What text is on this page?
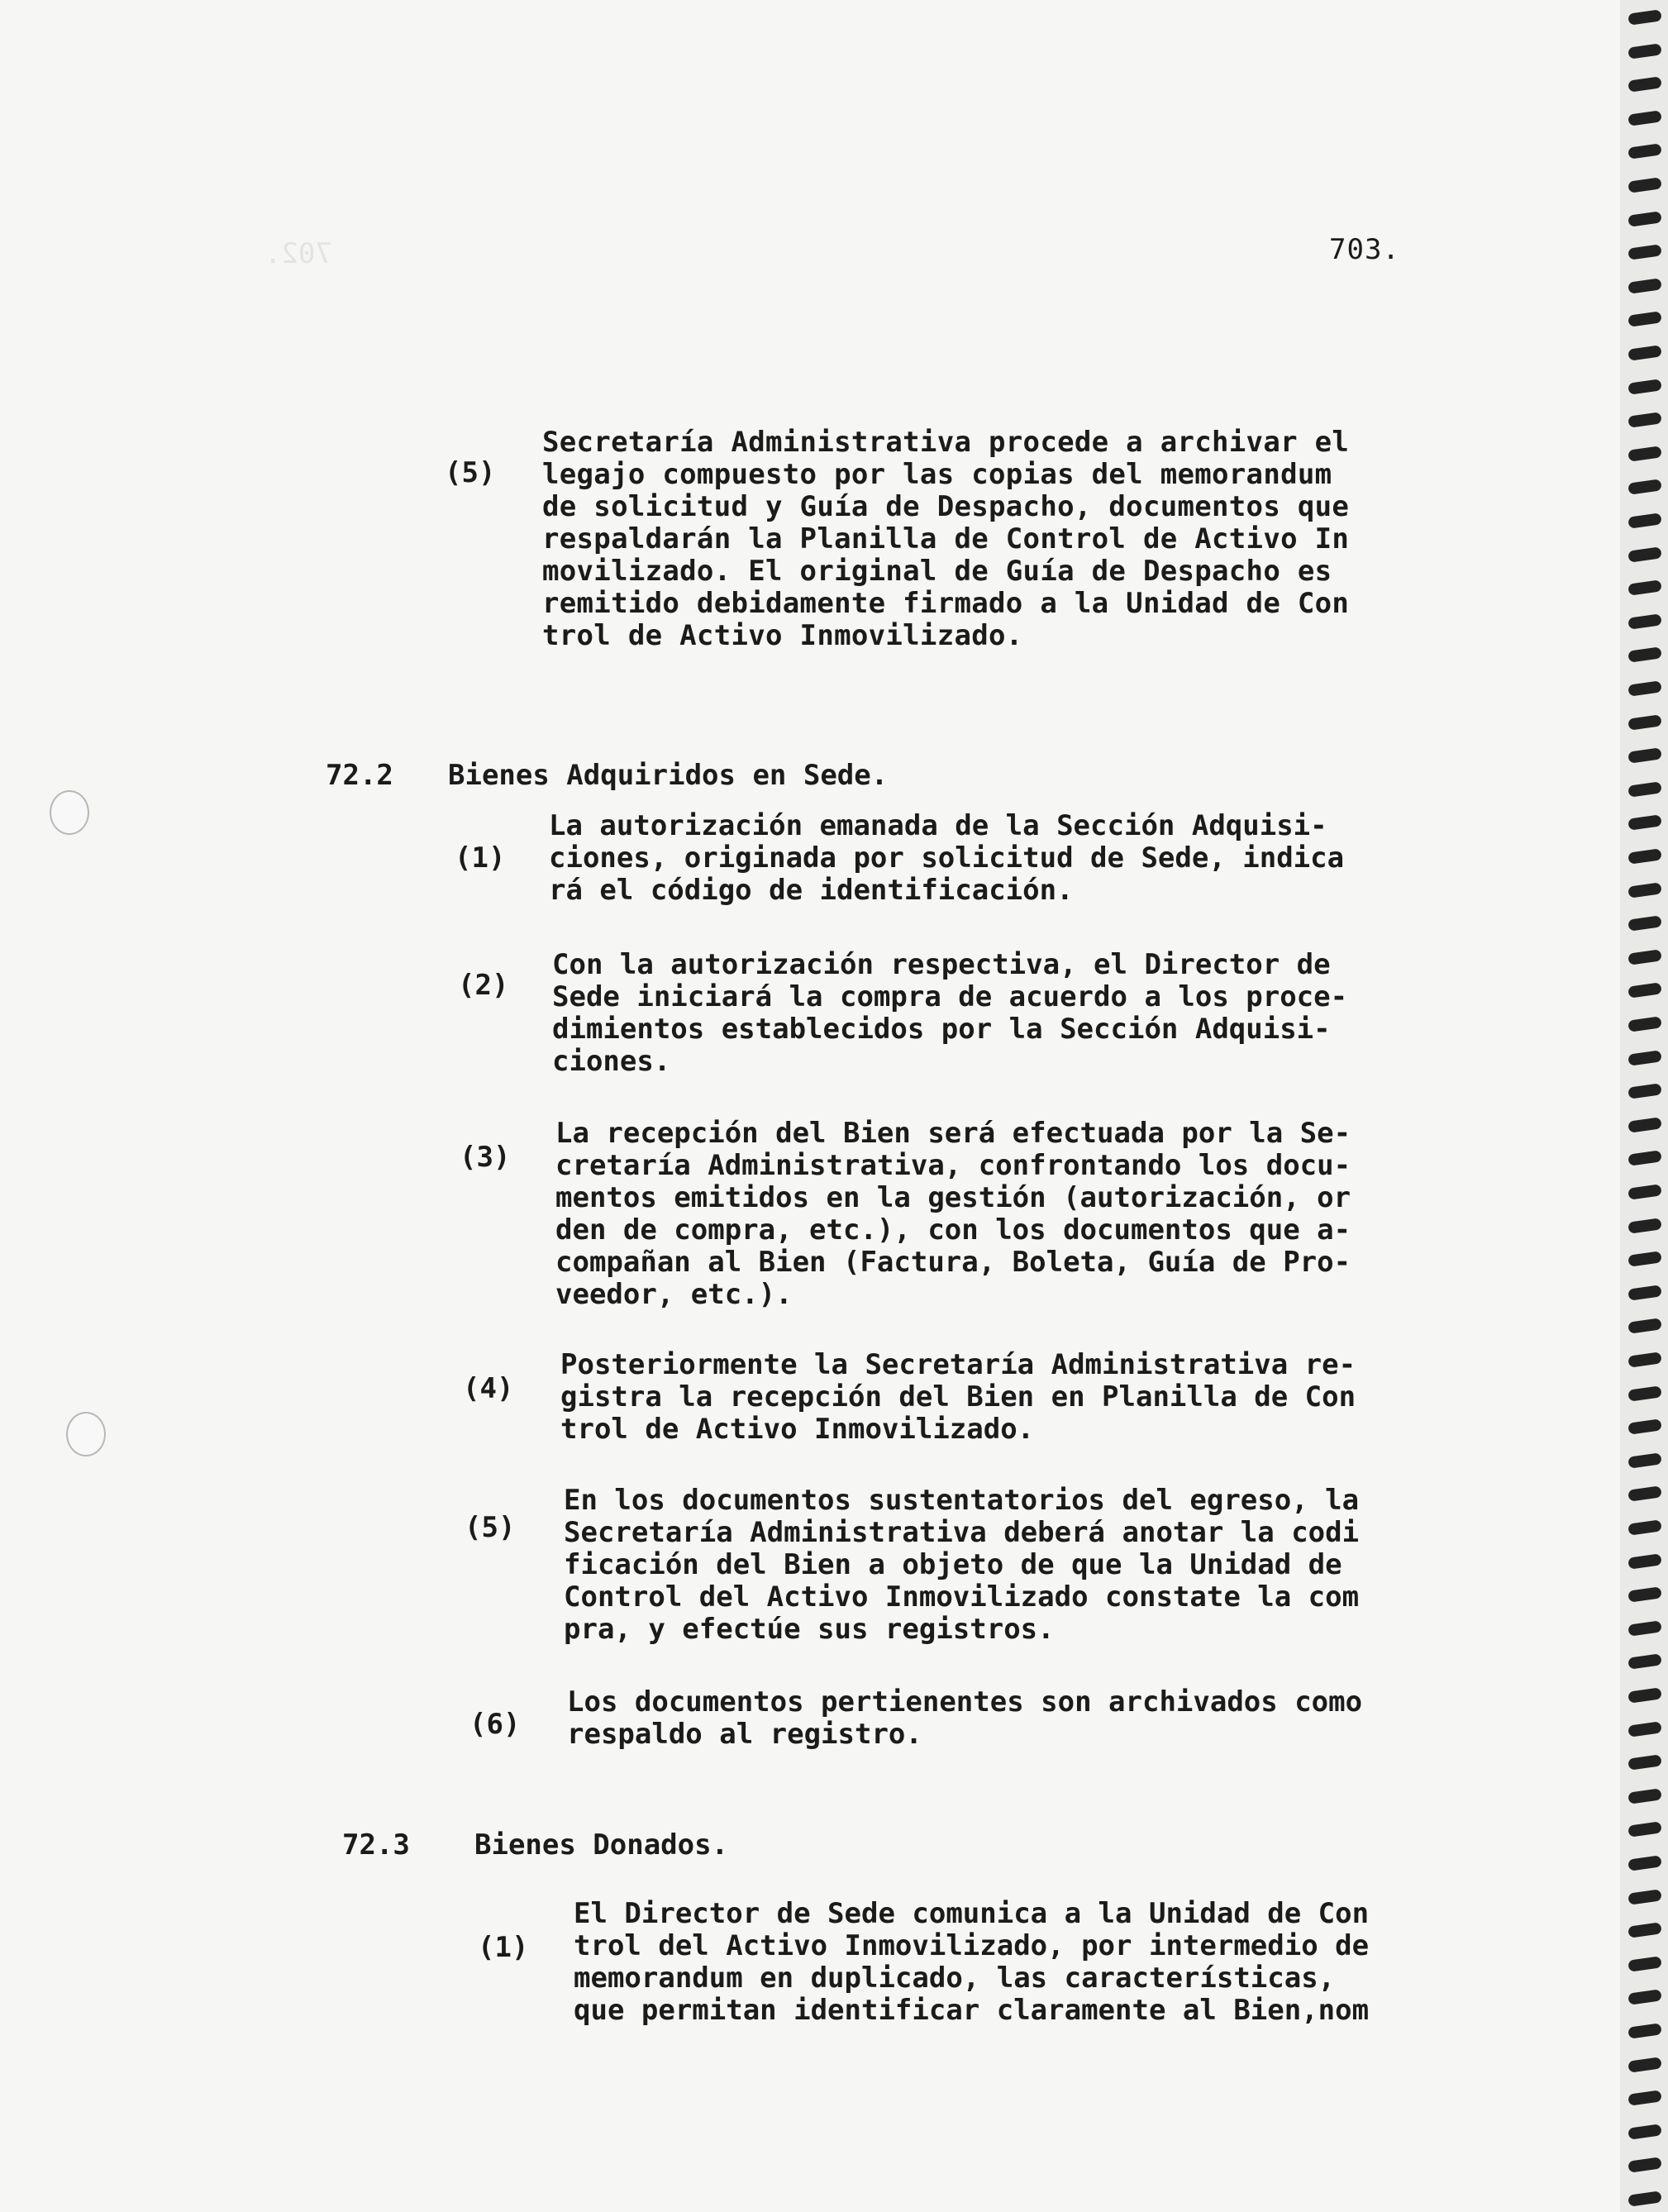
702.
	703.
(5)
Secretaría Administrativa procede a archivar el
legajo compuesto por las copias del memorandum
de solicitud y Guía de Despacho, documentos que
respaldarán la Planilla de Control de Activo In
movilizado. El original de Guía de Despacho es
remitido debidamente firmado a la Unidad de Con
trol de Activo Inmovilizado.
72.2 Bienes Adquiridos en Sede.
(1)
La autorización emanada de la Sección Adquisi-
ciones, originada por solicitud de Sede, indica
rá el código de identificación.
(2)
Con la autorización respectiva, el Director de
Sede iniciará la compra de acuerdo a los proce-
dimientos establecidos por la Sección Adquisi-
ciones.
(3)
La recepción del Bien será efectuada por la Se-
cretaría Administrativa, confrontando los docu-
mentos emitidos en la gestión (autorización, or
den de compra, etc.), con los documentos que a-
compañan al Bien (Factura, Boleta, Guía de Pro-
veedor, etc.).
(4)
Posteriormente la Secretaría Administrativa re-
gistra la recepción del Bien en Planilla de Con
trol de Activo Inmovilizado.
(5)
En los documentos sustentatorios del egreso, la
Secretaría Administrativa deberá anotar la codi
ficación del Bien a objeto de que la Unidad de
Control del Activo Inmovilizado constate la com
pra, y efectúe sus registros.
(6)
Los documentos pertienentes son archivados como
respaldo al registro.
72.3 Bienes Donados.
(1)
El Director de Sede comunica a la Unidad de Con
trol del Activo Inmovilizado, por intermedio de
memorandum en duplicado, las características,
que permitan identificar claramente al Bien,nom
